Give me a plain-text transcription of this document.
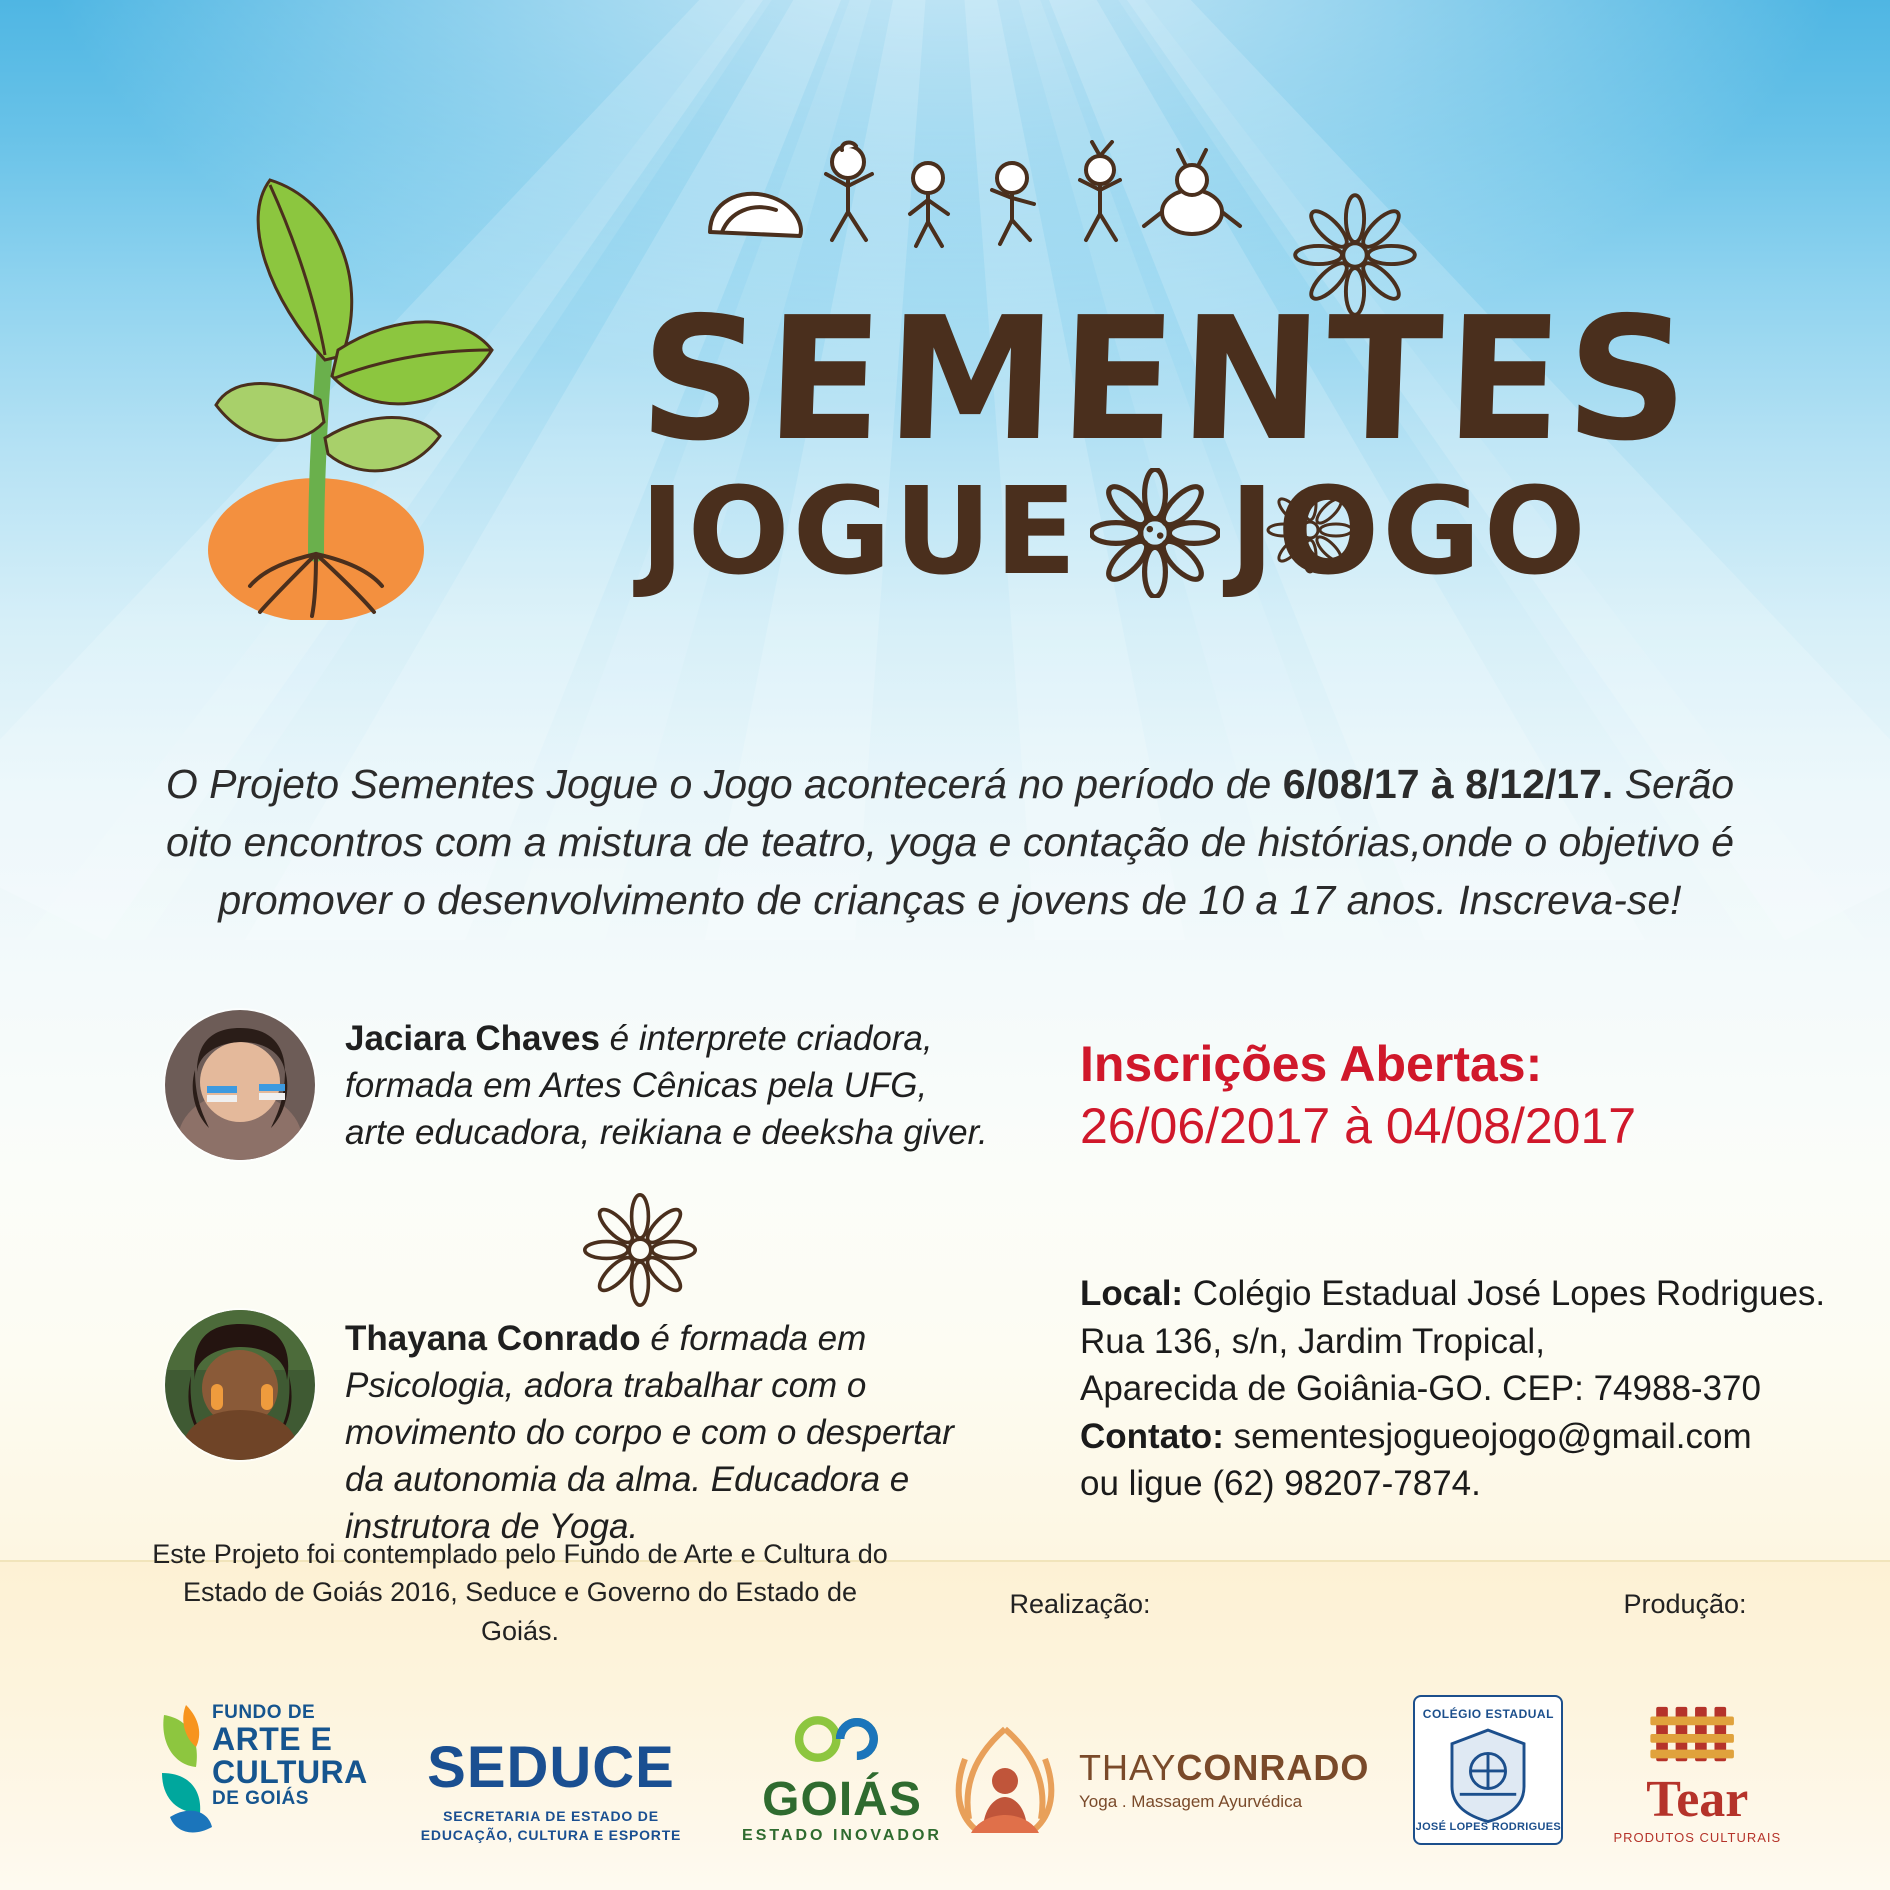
SEMENTES
JOGUE JOGO
O Projeto Sementes Jogue o Jogo acontecerá no período de 6/08/17 à 8/12/17. Serão oito encontros com a mistura de teatro, yoga e contação de histórias,onde o objetivo é promover o desenvolvimento de crianças e jovens de 10 a 17 anos. Inscreva-se!
Jaciara Chaves é interprete criadora, formada em Artes Cênicas pela UFG, arte educadora, reikiana e deeksha giver.
Thayana Conrado é formada em Psicologia, adora trabalhar com o movimento do corpo e com o despertar da autonomia da alma. Educadora e instrutora de Yoga.
Inscrições Abertas:
26/06/2017 à 04/08/2017
Local: Colégio Estadual José Lopes Rodrigues.
Rua 136, s/n, Jardim Tropical,
Aparecida de Goiânia-GO. CEP: 74988-370
Contato: sementesjogueojogo@gmail.com
ou ligue (62) 98207-7874.
Este Projeto foi contemplado pelo Fundo de Arte e Cultura do Estado de Goiás 2016, Seduce e Governo do Estado de Goiás.
Realização:	Produção:
FUNDO DE
ARTE E
CULTURA
DE GOIÁS	SEDUCE
SECRETARIA DE ESTADO DE EDUCAÇÃO, CULTURA E ESPORTE
GOIÁS
ESTADO INOVADOR
THAYCONRADO
Yoga . Massagem Ayurvédica
COLÉGIO ESTADUAL
JOSÉ LOPES RODRIGUES	Tear
PRODUTOS CULTURAIS
